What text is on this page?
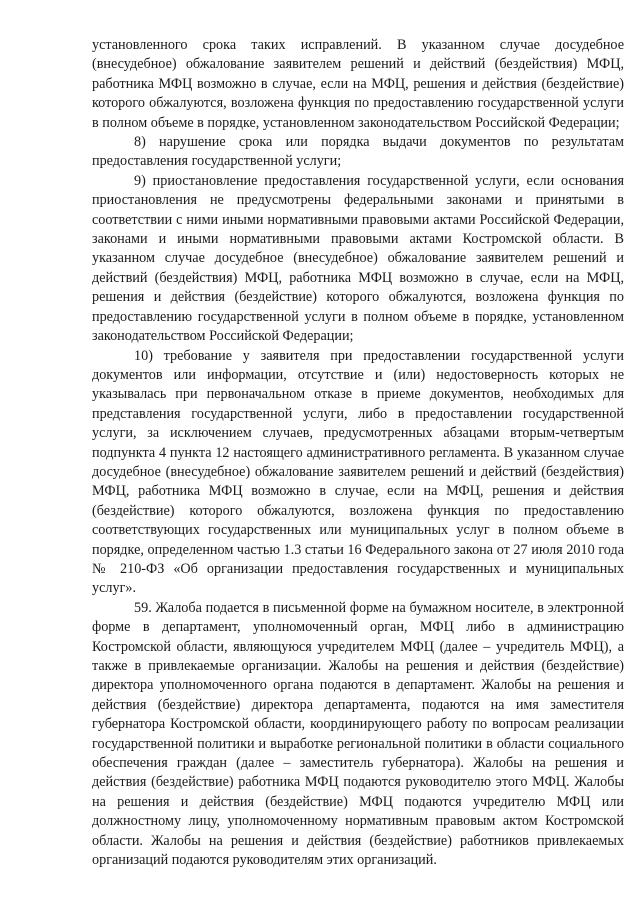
установленного срока таких исправлений. В указанном случае досудебное (внесудебное) обжалование заявителем решений и действий (бездействия) МФЦ, работника МФЦ возможно в случае, если на МФЦ, решения и действия (бездействие) которого обжалуются, возложена функция по предоставлению государственной услуги в полном объеме в порядке, установленном законодательством Российской Федерации;

8) нарушение срока или порядка выдачи документов по результатам предоставления государственной услуги;

9) приостановление предоставления государственной услуги, если основания приостановления не предусмотрены федеральными законами и принятыми в соответствии с ними иными нормативными правовыми актами Российской Федерации, законами и иными нормативными правовыми актами Костромской области. В указанном случае досудебное (внесудебное) обжалование заявителем решений и действий (бездействия) МФЦ, работника МФЦ возможно в случае, если на МФЦ, решения и действия (бездействие) которого обжалуются, возложена функция по предоставлению государственной услуги в полном объеме в порядке, установленном законодательством Российской Федерации;

10) требование у заявителя при предоставлении государственной услуги документов или информации, отсутствие и (или) недостоверность которых не указывалась при первоначальном отказе в приеме документов, необходимых для представления государственной услуги, либо в предоставлении государственной услуги, за исключением случаев, предусмотренных абзацами вторым-четвертым подпункта 4 пункта 12 настоящего административного регламента. В указанном случае досудебное (внесудебное) обжалование заявителем решений и действий (бездействия) МФЦ, работника МФЦ возможно в случае, если на МФЦ, решения и действия (бездействие) которого обжалуются, возложена функция по предоставлению соответствующих государственных или муниципальных услуг в полном объеме в порядке, определенном частью 1.3 статьи 16 Федерального закона от 27 июля 2010 года № 210-ФЗ «Об организации предоставления государственных и муниципальных услуг».

59. Жалоба подается в письменной форме на бумажном носителе, в электронной форме в департамент, уполномоченный орган, МФЦ либо в администрацию Костромской области, являющуюся учредителем МФЦ (далее – учредитель МФЦ), а также в привлекаемые организации. Жалобы на решения и действия (бездействие) директора уполномоченного органа подаются в департамент. Жалобы на решения и действия (бездействие) директора департамента, подаются на имя заместителя губернатора Костромской области, координирующего работу по вопросам реализации государственной политики и выработке региональной политики в области социального обеспечения граждан (далее – заместитель губернатора). Жалобы на решения и действия (бездействие) работника МФЦ подаются руководителю этого МФЦ. Жалобы на решения и действия (бездействие) МФЦ подаются учредителю МФЦ или должностному лицу, уполномоченному нормативным правовым актом Костромской области. Жалобы на решения и действия (бездействие) работников привлекаемых организаций подаются руководителям этих организаций.
